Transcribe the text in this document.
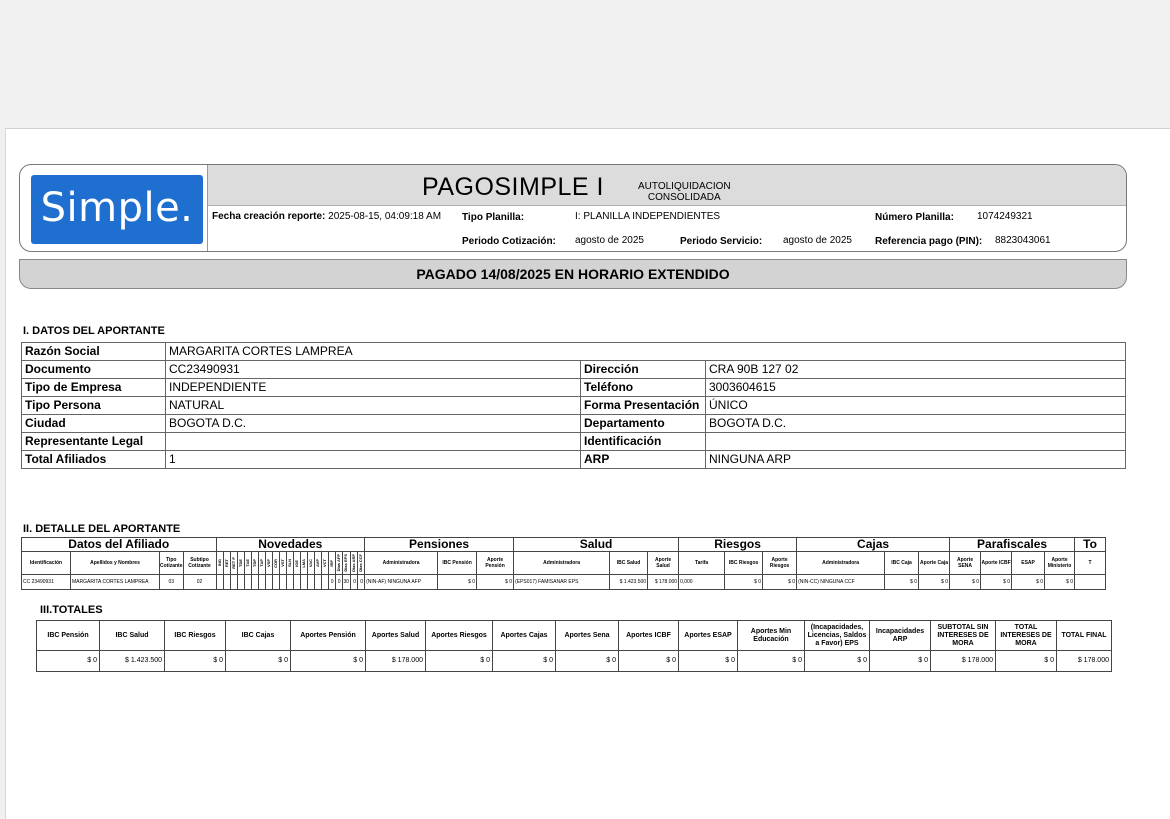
Simple.	PAGOSIMPLE I	AUTOLIQUIDACION
CONSOLIDADA
Fecha creación reporte: 2025-08-15, 04:09:18 AM Tipo Planilla:	I: PLANILLA INDEPENDIENTES	Número Planilla: 1074249321
Periodo Cotización: agosto de 2025	Periodo Servicio: agosto de 2025 Referencia pago (PIN): 8823043061
PAGADO 14/08/2025 EN HORARIO EXTENDIDO
I. DATOS DEL APORTANTE
Razón Social	MARGARITA CORTES LAMPREA		
Documento	CC23490931	Dirección	CRA 90B 127 02
Tipo de Empresa	INDEPENDIENTE	Teléfono	3003604615
Tipo Persona	NATURAL	Forma Presentación	ÚNICO
Ciudad	BOGOTA D.C.	Departamento	BOGOTA D.C.
Representante Legal		Identificación	
Total Afiliados	1	ARP	NINGUNA ARP
II. DETALLE DEL APORTANTE
Datos del Afiliado				Novedades																					Pensiones			Salud			Riesgos			Cajas			Parafiscales				To
Identificación	Apellidos y Nombres	Tipo Cotizante	Subtipo Cotizante	ING	RET	RET P	TDE	TAE	TDP	TAP	VSP	COR	VST	SLN	IGE	LMA	VAC	AVP	VCT	IRP	Dias AFP	Dias EPS	Dias ARP	Dias CCF	Administradora	IBC Pensión	Aporte Pensión	Administradora	IBC Salud	Aporte Salud	Tarifa	IBC Riesgos	Aporte Riesgos	Administradora	IBC Caja	Aporte Caja	Aporte SENA	Aporte ICBF	ESAP	Aporte Ministerio	T
CC 23490931	MARGARITA CORTES LAMPREA	03	02																	0	0	30	0	0	(NIN-AF) NINGUNA AFP	$ 0	$ 0	(EPS017) FAMISANAR EPS	$ 1.423.500	$ 178.000	0,000	$ 0	$ 0	(NIN-CC) NINGUNA CCF	$ 0	$ 0	$ 0	$ 0	$ 0	$ 0	
III.TOTALES
IBC Pensión	IBC Salud	IBC Riesgos	IBC Cajas	Aportes Pensión	Aportes Salud	Aportes Riesgos	Aportes Cajas	Aportes Sena	Aportes ICBF	Aportes ESAP	Aportes Min Educación	(Incapacidades, Licencias, Saldos a Favor) EPS	Incapacidades ARP	SUBTOTAL SIN INTERESES DE MORA	TOTAL INTERESES DE MORA	TOTAL FINAL
$ 0	$ 1.423.500	$ 0	$ 0	$ 0	$ 178.000	$ 0	$ 0	$ 0	$ 0	$ 0	$ 0	$ 0	$ 0	$ 178.000	$ 0	$ 178.000
